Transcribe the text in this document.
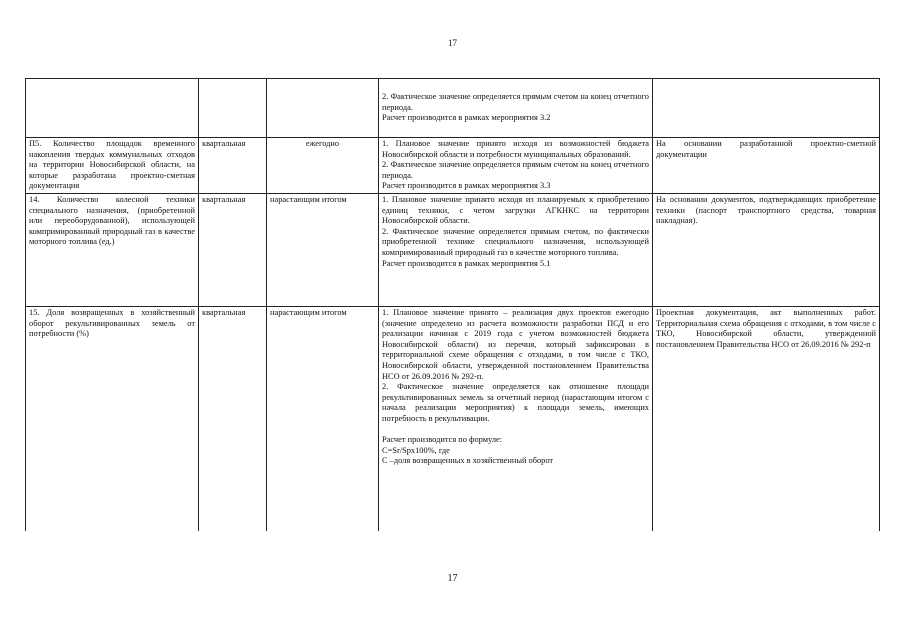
17

			2. Фактическое значение определяется прямым счетом на конец отчетного периода.

Расчет производится в рамках мероприятия 3.2	

П5. Количество площадок временного накопления твердых коммунальных отходов на территории Новосибирской области, на которые разработана проектно-сметная документация	квартальная	ежегодно	1. Плановое значение принято исходя из возможностей бюджета Новосибирской области и потребности муниципальных образований.

2. Фактическое значение определяется прямым счетом на конец отчетного периода.

Расчет производится в рамках мероприятия 3.3	На основании разработанной проектно-сметной документации
14. Количество колесной техники специального назначения, (приобретенной или переоборудованной), использующей компримированный природный газ в качестве моторного топлива (ед.)	квартальная	нарастающим итогом	1. Плановое значение принято исходя из планируемых к приобретению единиц техники, с четом загрузки АГКНКС на территории Новосибирской области.

2. Фактическое значение определяется прямым счетом, по фактически приобретенной технике специального назначения, использующей компримированный природный газ в качестве моторного топлива.

Расчет производится в рамках мероприятия 5.1	На основании документов, подтверждающих приобретение техники (паспорт транспортного средства, товарная накладная).
15. Доля возвращенных в хозяйственный оборот рекультивированных земель от потребности (%)	квартальная	нарастающим итогом	1. Плановое значение принято – реализация двух проектов ежегодно (значение определено из расчета возможности разработки ПСД и его реализации начиная с 2019 года с учетом возможностей бюджета Новосибирской области) из перечня, который зафиксирован в территориальной схеме обращения с отходами, в том числе с ТКО, Новосибирской области, утвержденной постановлением Правительства НСО от 26.09.2016 № 292-п.

2. Фактическое значение определяется как отношение площади рекультивированных земель за отчетный период (нарастающим итогом с начала реализации мероприятия) к площади земель, имеющих потребность в рекультивации.

Расчет производится по формуле:

С=Sr/Spx100%, где

С –доля возвращенных в хозяйственный оборот	Проектная документация, акт выполненных работ. Территориальная схема обращения с отходами, в том числе с ТКО, Новосибирской области, утвержденной постановлением Правительства НСО от 26.09.2016 № 292-п
17
